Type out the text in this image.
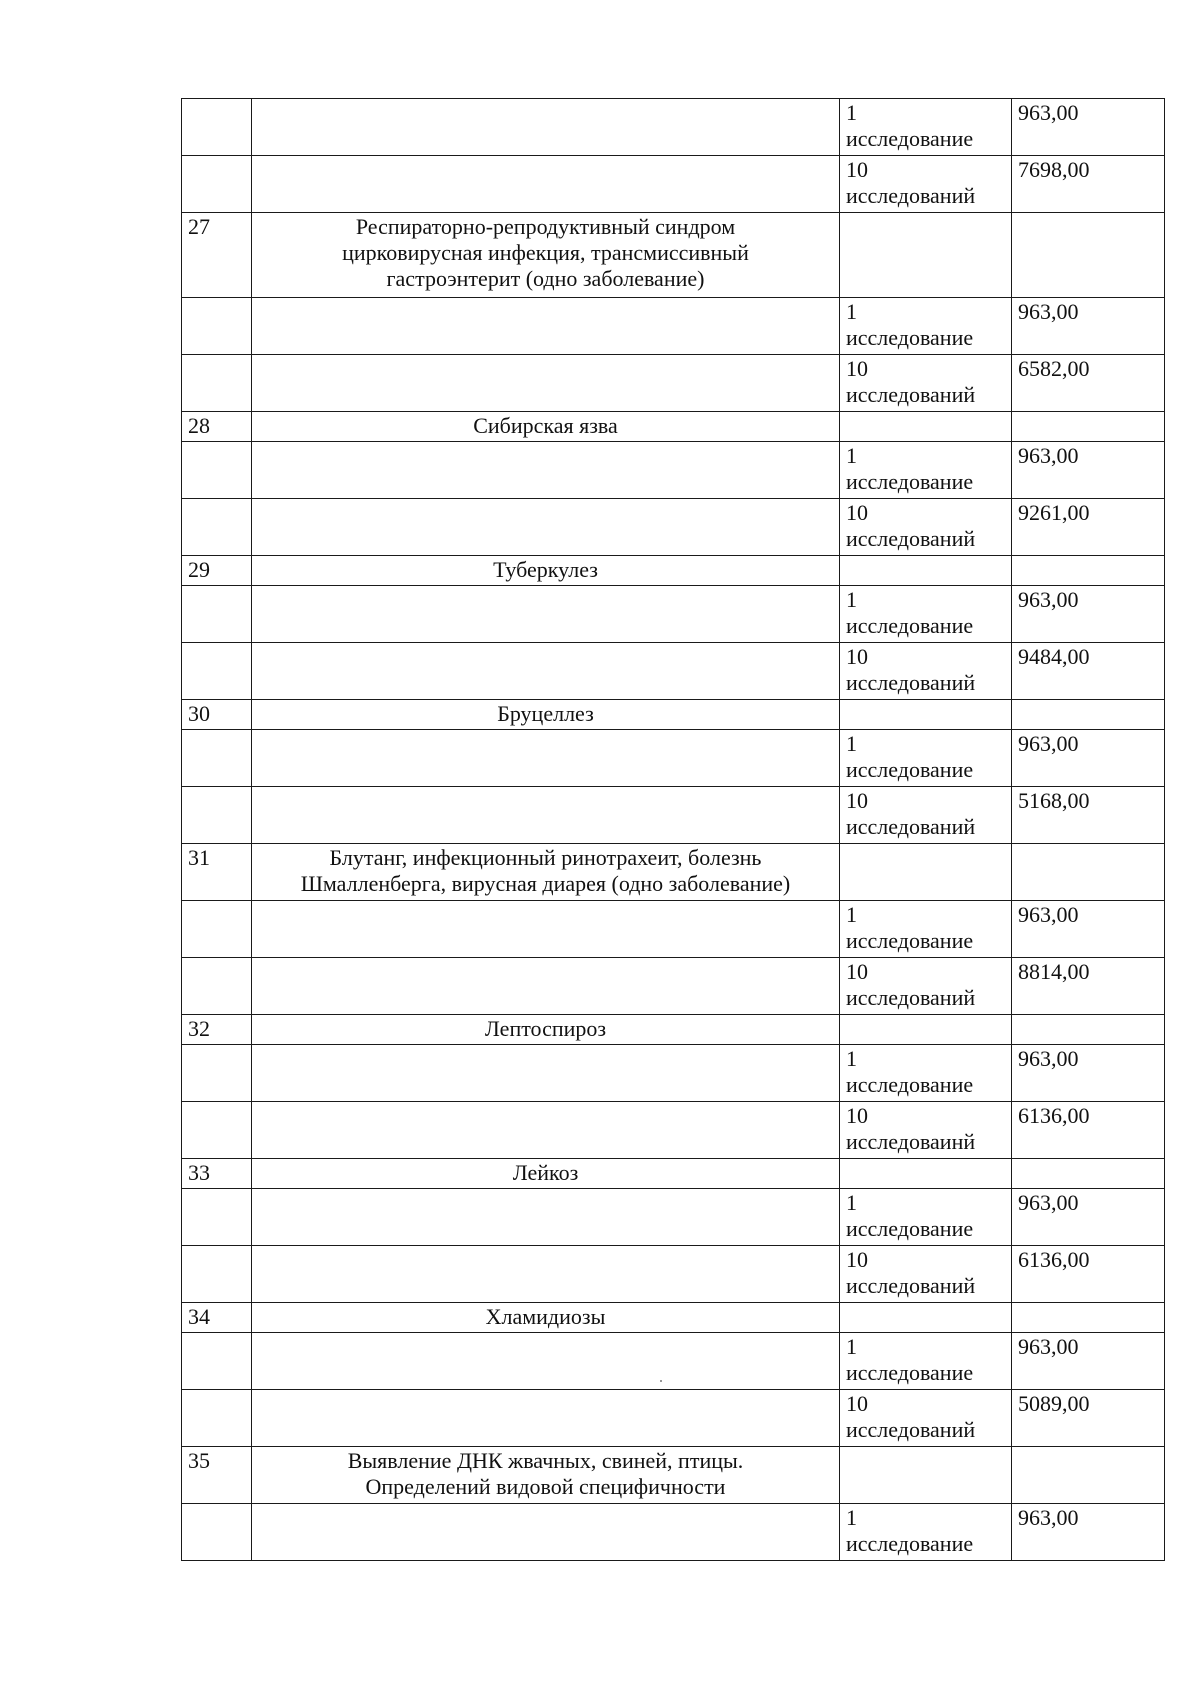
		1
исследование	963,00
		10
исследований	7698,00
27	Респираторно-репродуктивный синдром
цирковирусная инфекция, трансмиссивный
гастроэнтерит (одно заболевание)		
		1
исследование	963,00
		10
исследований	6582,00
28	Сибирская язва		
		1
исследование	963,00
		10
исследований	9261,00
29	Туберкулез		
		1
исследование	963,00
		10
исследований	9484,00
30	Бруцеллез		
		1
исследование	963,00
		10
исследований	5168,00
31	Блутанг, инфекционный ринотрахеит, болезнь
Шмалленберга, вирусная диарея (одно заболевание)		
		1
исследование	963,00
		10
исследований	8814,00
32	Лептоспироз		
		1
исследование	963,00
		10
исследоваинй	6136,00
33	Лейкоз		
		1
исследование	963,00
		10
исследований	6136,00
34	Хламидиозы		
		1
исследование	963,00
		10
исследований	5089,00
35	Выявление ДНК жвачных, свиней, птицы.
Определений видовой специфичности		
		1
исследование	963,00
